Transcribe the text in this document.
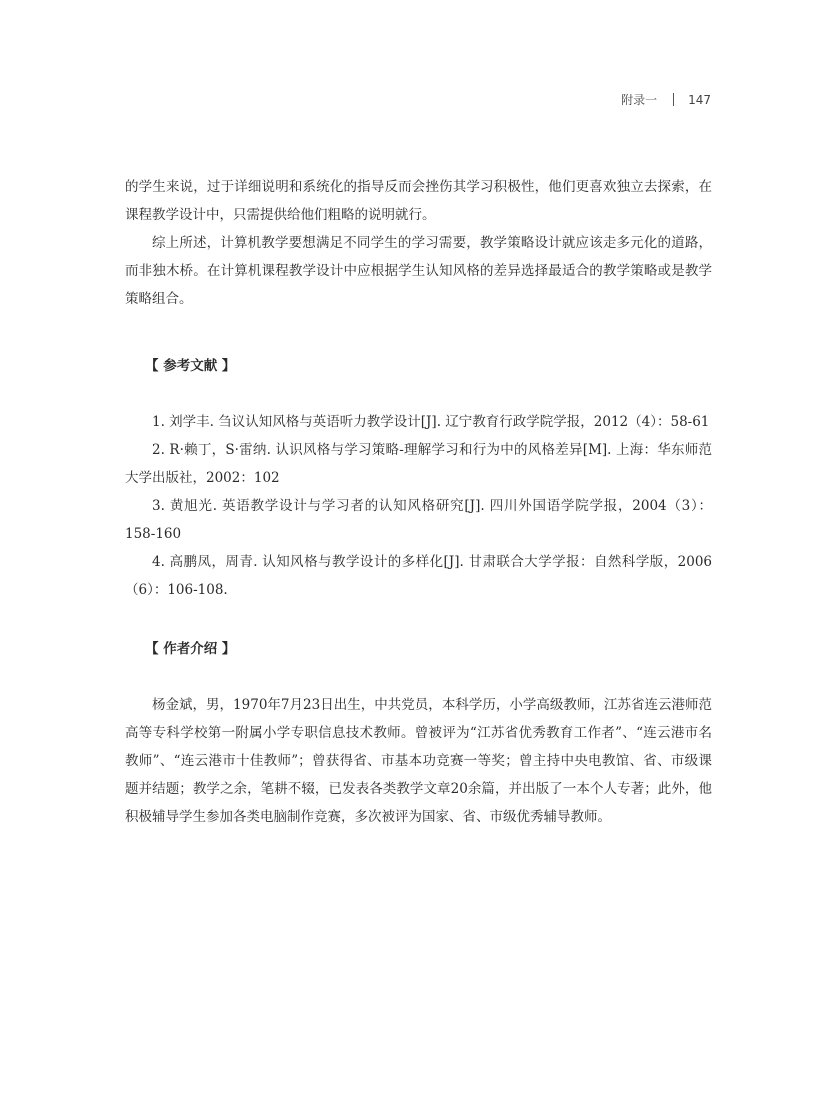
附录一	147

的学生来说，过于详细说明和系统化的指导反而会挫伤其学习积极性，他们更喜欢独立去探索，在课程教学设计中，只需提供给他们粗略的说明就行。

综上所述，计算机教学要想满足不同学生的学习需要，教学策略设计就应该走多元化的道路，而非独木桥。在计算机课程教学设计中应根据学生认知风格的差异选择最适合的教学策略或是教学策略组合。

【 参考文献 】

1. 刘学丰. 刍议认知风格与英语听力教学设计[J]. 辽宁教育行政学院学报，2012（4）：58-61

2. R·赖丁，S·雷纳. 认识风格与学习策略-理解学习和行为中的风格差异[M]. 上海：华东师范大学出版社，2002：102

3. 黄旭光. 英语教学设计与学习者的认知风格研究[J]. 四川外国语学院学报，2004（3）：158-160

4. 高鹏凤，周青. 认知风格与教学设计的多样化[J]. 甘肃联合大学学报：自然科学版，2006（6）：106-108.

【 作者介绍 】

杨金斌，男，1970年7月23日出生，中共党员，本科学历，小学高级教师，江苏省连云港师范高等专科学校第一附属小学专职信息技术教师。曾被评为“江苏省优秀教育工作者”、“连云港市名教师”、“连云港市十佳教师”；曾获得省、市基本功竞赛一等奖；曾主持中央电教馆、省、市级课题并结题；教学之余，笔耕不辍，已发表各类教学文章20余篇，并出版了一本个人专著；此外，他积极辅导学生参加各类电脑制作竞赛，多次被评为国家、省、市级优秀辅导教师。
